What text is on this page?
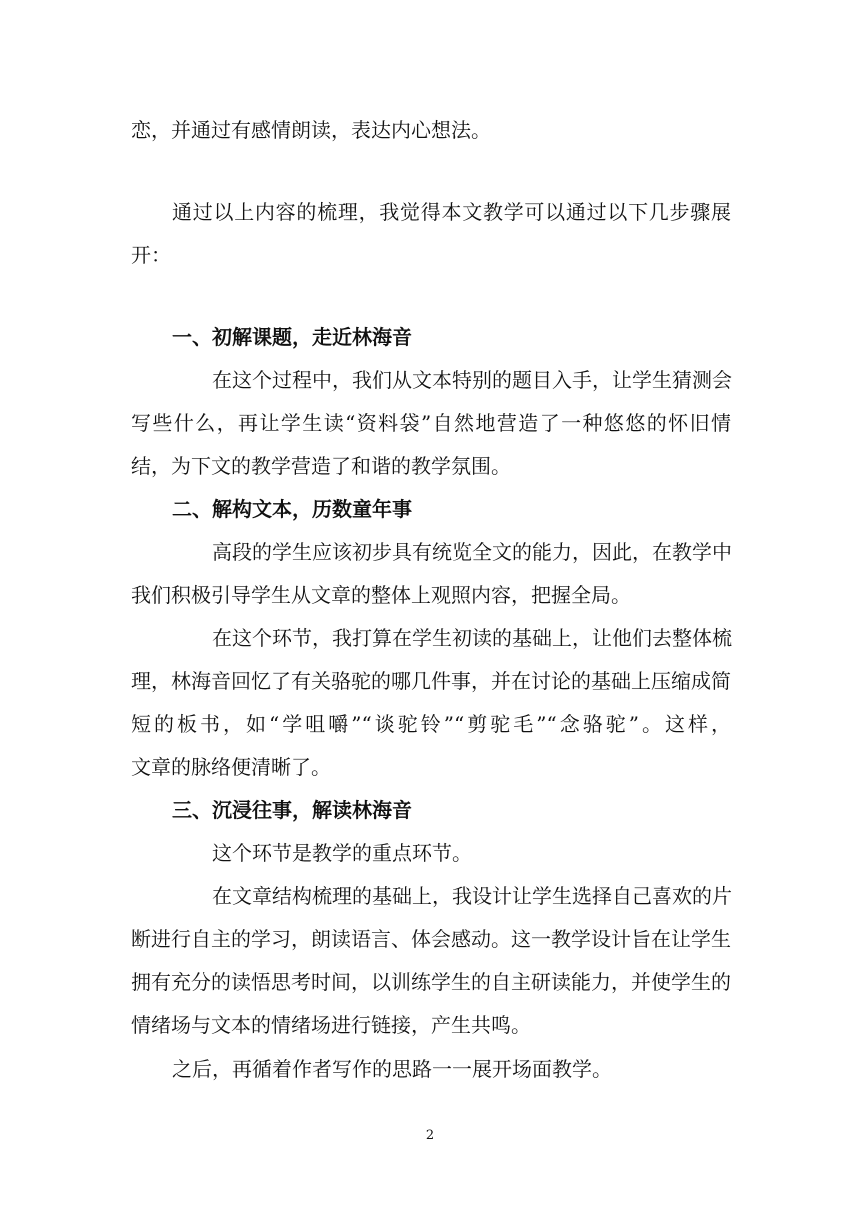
恋，并通过有感情朗读，表达内心想法。
通过以上内容的梳理，我觉得本文教学可以通过以下几步骤展
开：
一、初解课题，走近林海音
在这个过程中，我们从文本特别的题目入手，让学生猜测会
写些什么，再让学生读“资料袋”自然地营造了一种悠悠的怀旧情
结，为下文的教学营造了和谐的教学氛围。
二、解构文本，历数童年事
高段的学生应该初步具有统览全文的能力，因此，在教学中
我们积极引导学生从文章的整体上观照内容，把握全局。
在这个环节，我打算在学生初读的基础上，让他们去整体梳
理，林海音回忆了有关骆驼的哪几件事，并在讨论的基础上压缩成简
短的板书，如“学咀嚼”“谈驼铃”“剪驼毛”“念骆驼”。这样，
文章的脉络便清晰了。
三、沉浸往事，解读林海音
这个环节是教学的重点环节。
在文章结构梳理的基础上，我设计让学生选择自己喜欢的片
断进行自主的学习，朗读语言、体会感动。这一教学设计旨在让学生
拥有充分的读悟思考时间，以训练学生的自主研读能力，并使学生的
情绪场与文本的情绪场进行链接，产生共鸣。
之后，再循着作者写作的思路一一展开场面教学。
2
